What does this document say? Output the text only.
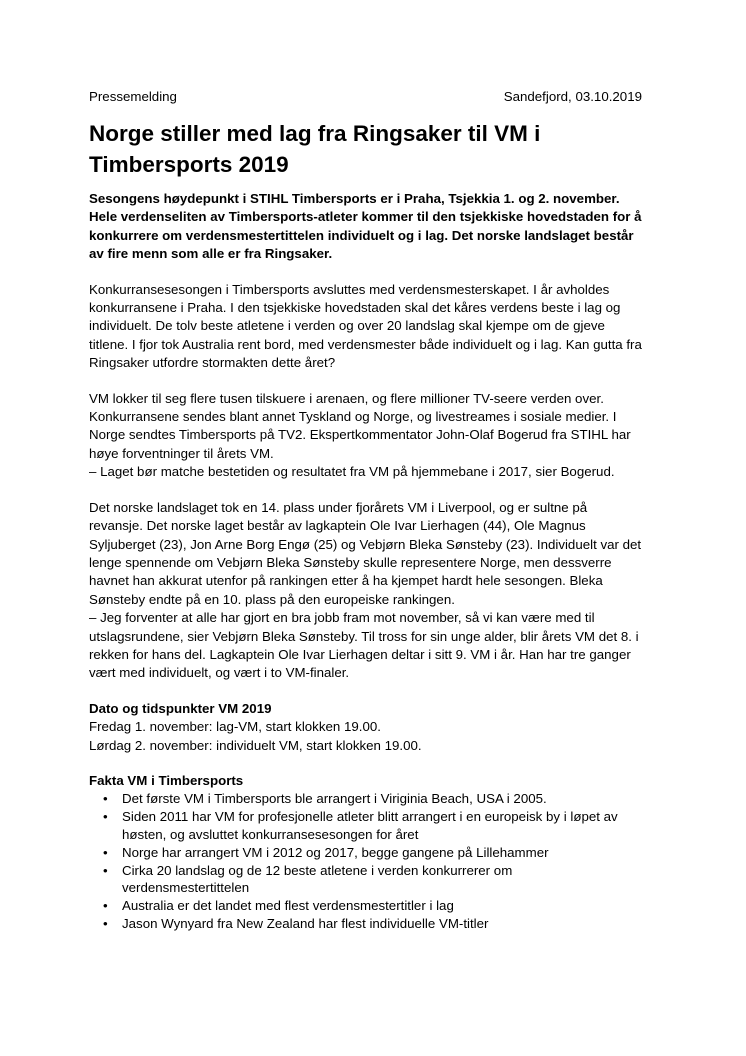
Pressemelding	Sandefjord, 03.10.2019
Norge stiller med lag fra Ringsaker til VM i Timbersports 2019
Sesongens høydepunkt i STIHL Timbersports er i Praha, Tsjekkia 1. og 2. november. Hele verdenseliten av Timbersports-atleter kommer til den tsjekkiske hovedstaden for å konkurrere om verdensmestertittelen individuelt og i lag. Det norske landslaget består av fire menn som alle er fra Ringsaker.

Konkurransesesongen i Timbersports avsluttes med verdensmesterskapet. I år avholdes konkurransene i Praha. I den tsjekkiske hovedstaden skal det kåres verdens beste i lag og individuelt. De tolv beste atletene i verden og over 20 landslag skal kjempe om de gjeve titlene. I fjor tok Australia rent bord, med verdensmester både individuelt og i lag. Kan gutta fra Ringsaker utfordre stormakten dette året?

VM lokker til seg flere tusen tilskuere i arenaen, og flere millioner TV-seere verden over. Konkurransene sendes blant annet Tyskland og Norge, og livestreames i sosiale medier. I Norge sendtes Timbersports på TV2. Ekspertkommentator John-Olaf Bogerud fra STIHL har høye forventninger til årets VM.
– Laget bør matche bestetiden og resultatet fra VM på hjemmebane i 2017, sier Bogerud.

Det norske landslaget tok en 14. plass under fjorårets VM i Liverpool, og er sultne på revansje. Det norske laget består av lagkaptein Ole Ivar Lierhagen (44), Ole Magnus Syljuberget (23), Jon Arne Borg Engø (25) og Vebjørn Bleka Sønsteby (23). Individuelt var det lenge spennende om Vebjørn Bleka Sønsteby skulle representere Norge, men dessverre havnet han akkurat utenfor på rankingen etter å ha kjempet hardt hele sesongen. Bleka Sønsteby endte på en 10. plass på den europeiske rankingen.
– Jeg forventer at alle har gjort en bra jobb fram mot november, så vi kan være med til utslagsrundene, sier Vebjørn Bleka Sønsteby. Til tross for sin unge alder, blir årets VM det 8. i rekken for hans del. Lagkaptein Ole Ivar Lierhagen deltar i sitt 9. VM i år. Han har tre ganger vært med individuelt, og vært i to VM-finaler.

Dato og tidspunkter VM 2019

Fredag 1. november: lag-VM, start klokken 19.00.
Lørdag 2. november: individuelt VM, start klokken 19.00.

Fakta VM i Timbersports
• Det første VM i Timbersports ble arrangert i Viriginia Beach, USA i 2005.
• Siden 2011 har VM for profesjonelle atleter blitt arrangert i en europeisk by i løpet av høsten, og avsluttet konkurransesesongen for året
• Norge har arrangert VM i 2012 og 2017, begge gangene på Lillehammer
• Cirka 20 landslag og de 12 beste atletene i verden konkurrerer om verdensmestertittelen
• Australia er det landet med flest verdensmestertitler i lag
• Jason Wynyard fra New Zealand har flest individuelle VM-titler
